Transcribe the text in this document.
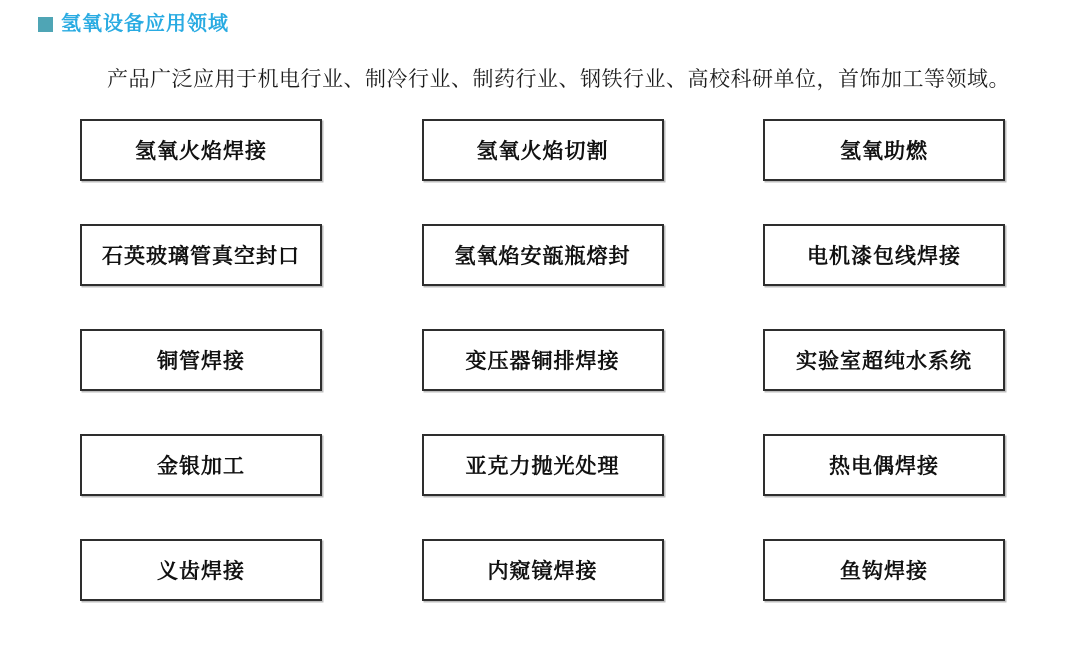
氢氧设备应用领域

产品广泛应用于机电行业、制冷行业、制药行业、钢铁行业、高校科研单位，首饰加工等领域。

氢氧火焰焊接	氢氧火焰切割	氢氧助燃
石英玻璃管真空封口	氢氧焰安瓿瓶熔封	电机漆包线焊接
铜管焊接	变压器铜排焊接	实验室超纯水系统
金银加工	亚克力抛光处理	热电偶焊接
义齿焊接	内窥镜焊接	鱼钩焊接
